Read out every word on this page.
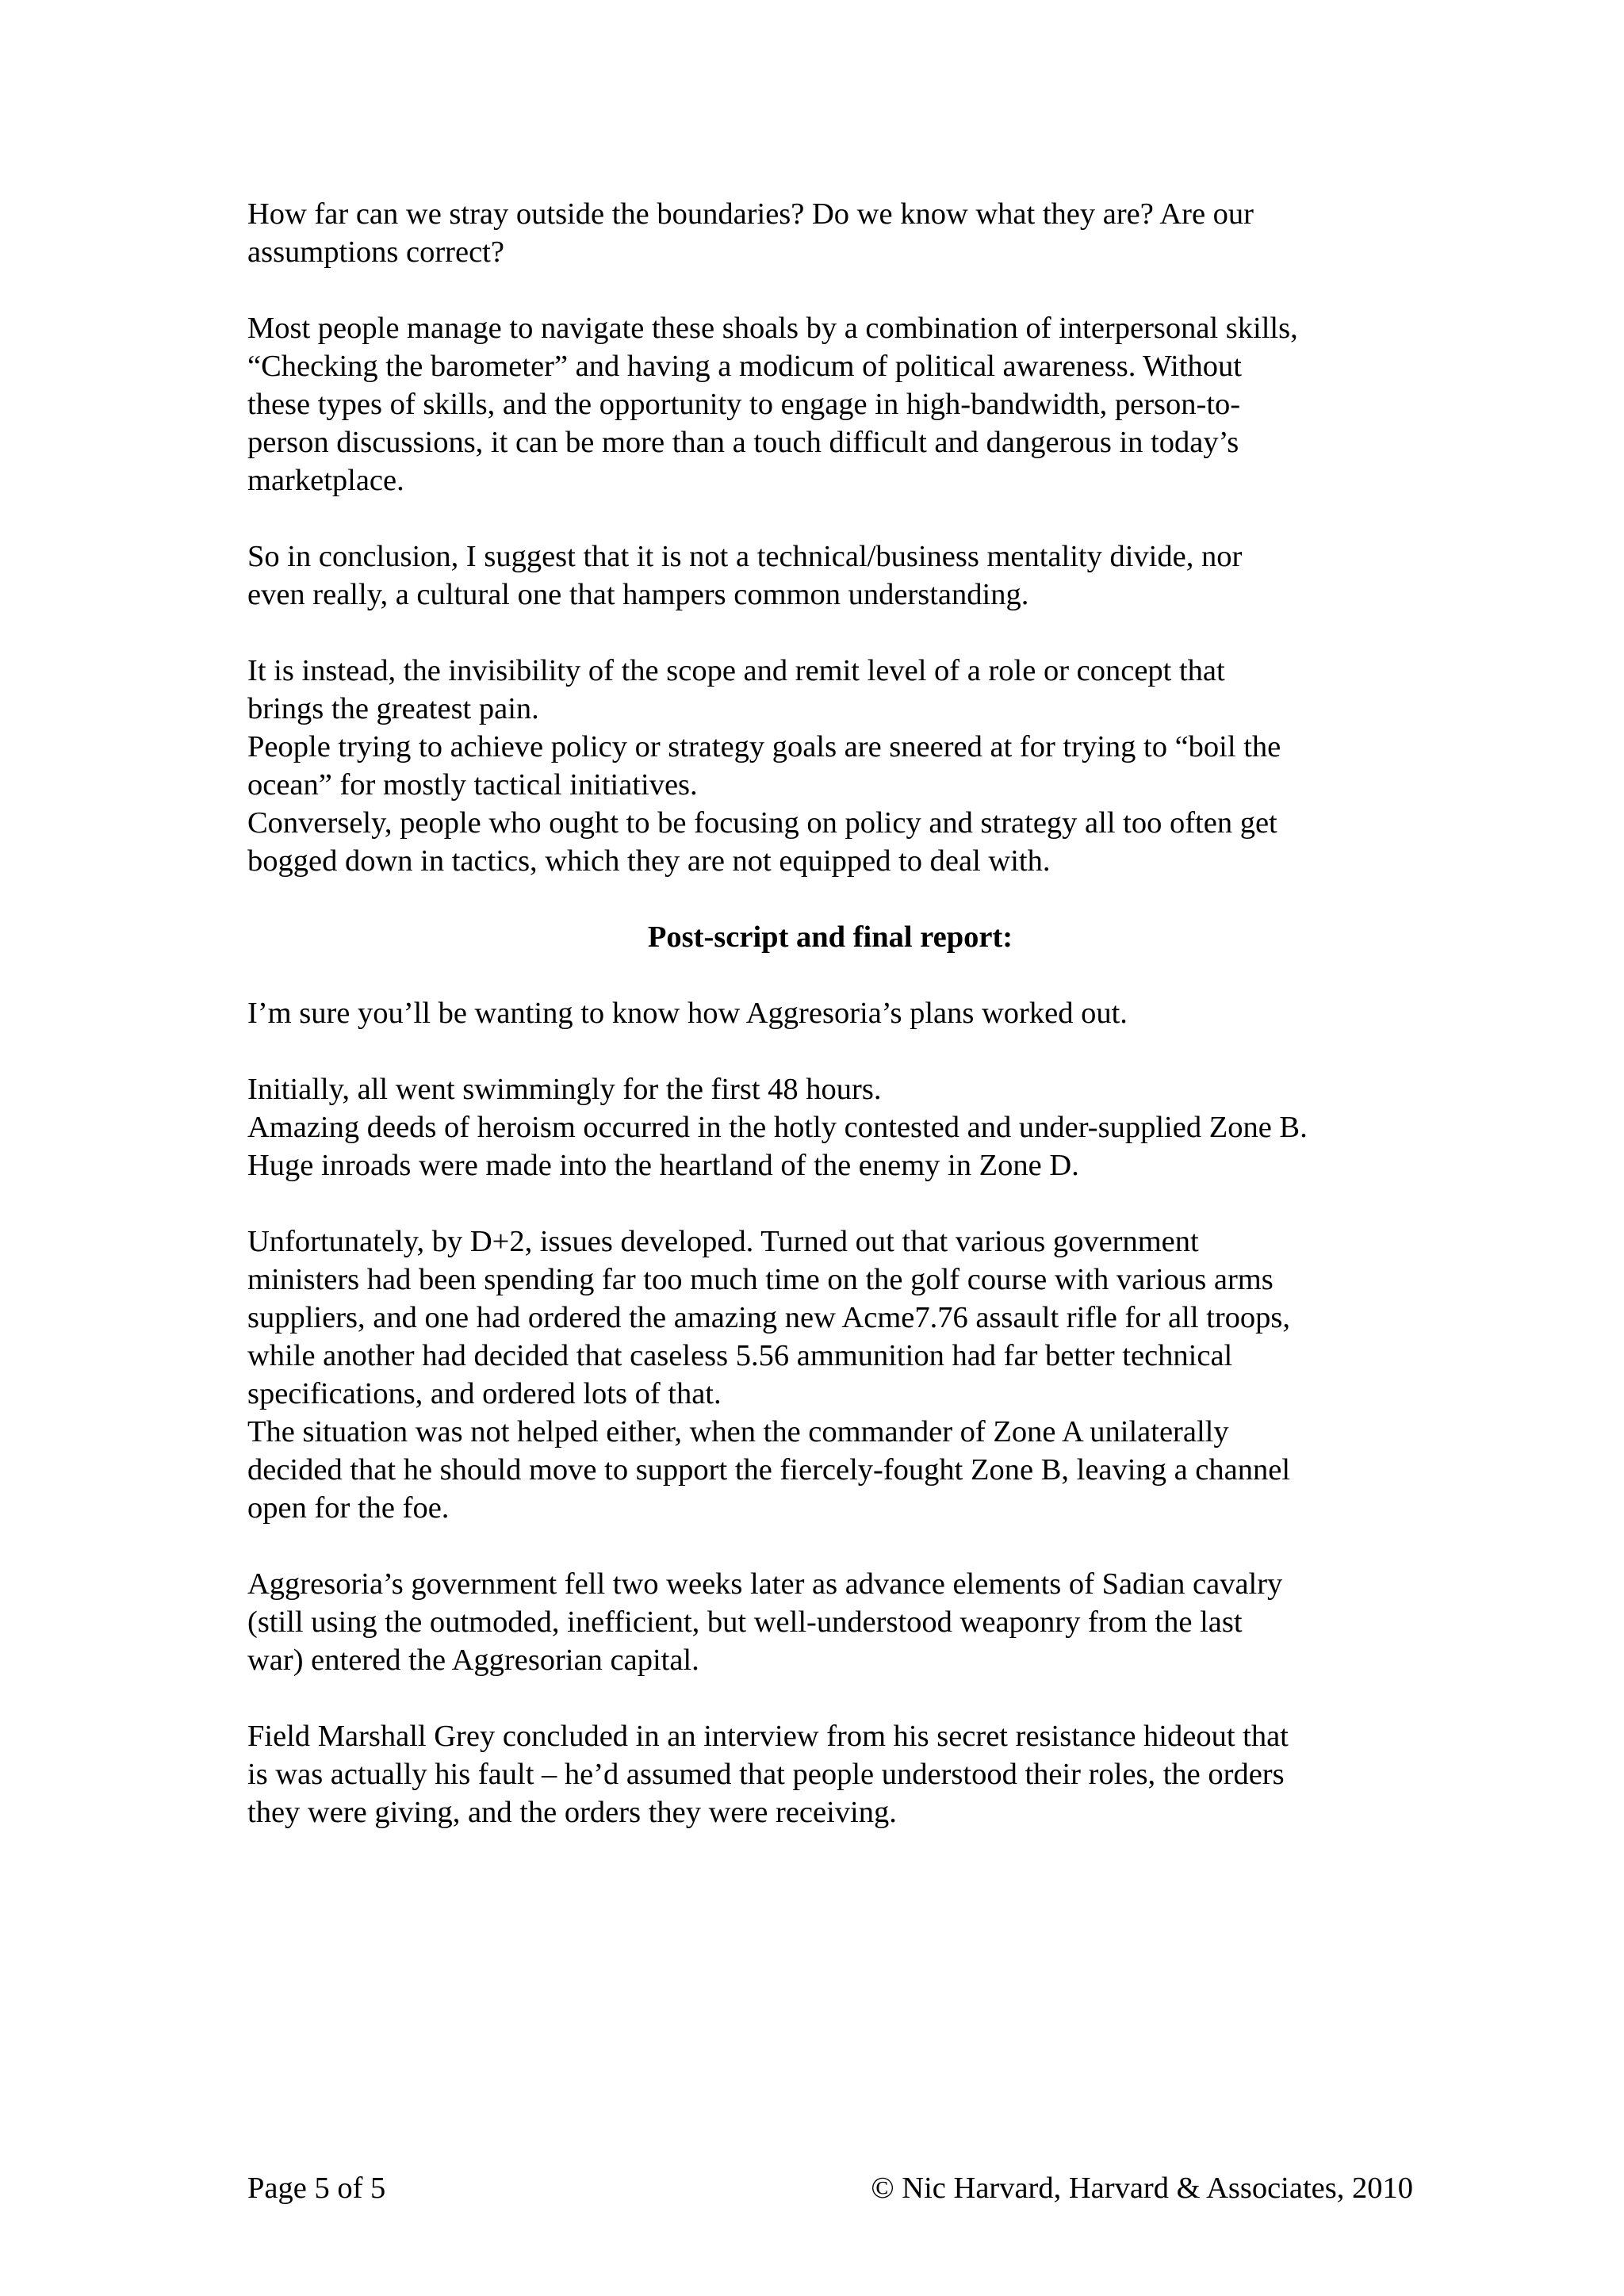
How far can we stray outside the boundaries? Do we know what they are? Are our
assumptions correct?

Most people manage to navigate these shoals by a combination of interpersonal skills,
“Checking the barometer” and having a modicum of political awareness. Without
these types of skills, and the opportunity to engage in high-bandwidth, person-to-
person discussions, it can be more than a touch difficult and dangerous in today’s
marketplace.

So in conclusion, I suggest that it is not a technical/business mentality divide, nor
even really, a cultural one that hampers common understanding.

It is instead, the invisibility of the scope and remit level of a role or concept that
brings the greatest pain.
People trying to achieve policy or strategy goals are sneered at for trying to “boil the
ocean” for mostly tactical initiatives.
Conversely, people who ought to be focusing on policy and strategy all too often get
bogged down in tactics, which they are not equipped to deal with.

Post-script and final report:

I’m sure you’ll be wanting to know how Aggresoria’s plans worked out.

Initially, all went swimmingly for the first 48 hours.
Amazing deeds of heroism occurred in the hotly contested and under-supplied Zone B.
Huge inroads were made into the heartland of the enemy in Zone D.

Unfortunately, by D+2, issues developed. Turned out that various government
ministers had been spending far too much time on the golf course with various arms
suppliers, and one had ordered the amazing new Acme7.76 assault rifle for all troops,
while another had decided that caseless 5.56 ammunition had far better technical
specifications, and ordered lots of that.
The situation was not helped either, when the commander of Zone A unilaterally
decided that he should move to support the fiercely-fought Zone B, leaving a channel
open for the foe.

Aggresoria’s government fell two weeks later as advance elements of Sadian cavalry
(still using the outmoded, inefficient, but well-understood weaponry from the last
war) entered the Aggresorian capital.

Field Marshall Grey concluded in an interview from his secret resistance hideout that
is was actually his fault – he’d assumed that people understood their roles, the orders
they were giving, and the orders they were receiving.

Page 5 of 5	© Nic Harvard, Harvard & Associates, 2010
